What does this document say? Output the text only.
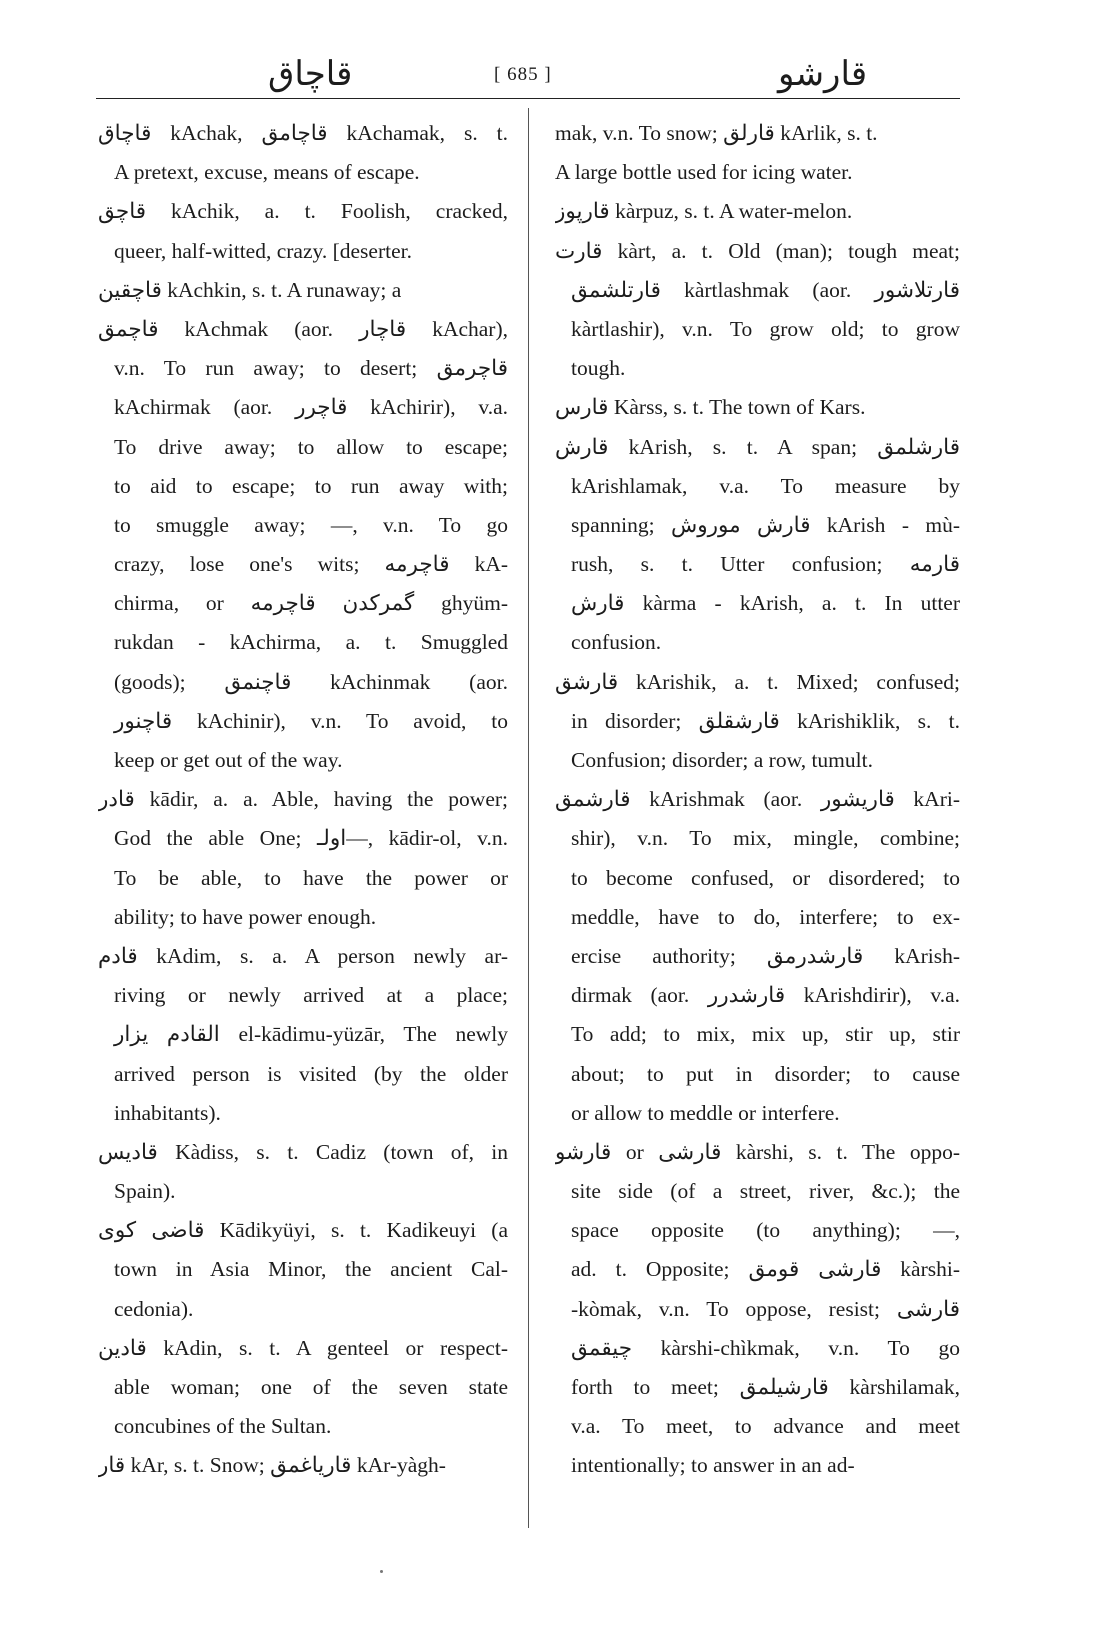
قاچاق	[ 685 ]	قارشو
قاچاق kAchak, قاچامق kAchamak, s. t.
A pretext, excuse, means of escape.
قاچق kAchik, a. t. Foolish, cracked,
queer, half-witted, crazy. [deserter.
قاچقین kAchkin, s. t. A runaway; a
قاچمق kAchmak (aor. قاچار kAchar),
v.n. To run away; to desert; قاچرمق
kAchirmak (aor. قاچرر kAchirir), v.a.
To drive away; to allow to escape;
to aid to escape; to run away with;
to smuggle away; —, v.n. To go
crazy, lose one's wits; قاچرمه kA-
chirma, or گمركدن قاچرمه ghyüm-
rukdan - kAchirma, a. t. Smuggled
(goods); قاچنمق kAchinmak (aor.
قاچنور kAchinir), v.n. To avoid, to
keep or get out of the way.
قادر kādir, a. a. Able, having the power;
God the able One; اولـ—, kādir-ol, v.n.
To be able, to have the power or
ability; to have power enough.
قادم kAdim, s. a. A person newly ar-
riving or newly arrived at a place;
القادم يزار el-kādimu-yüzār, The newly
arrived person is visited (by the older
inhabitants).
قادیس Kàdiss, s. t. Cadiz (town of, in
Spain).
قاضی كوی Kādikyüyi, s. t. Kadikeuyi (a
town in Asia Minor, the ancient Cal-
cedonia).
قادین kAdin, s. t. A genteel or respect-
able woman; one of the seven state
concubines of the Sultan.
قار kAr, s. t. Snow; قارياغمق kAr-yàgh-
mak, v.n. To snow; قارلق kArlik, s. t.
A large bottle used for icing water.
قارپوز kàrpuz, s. t. A water-melon.
قارت kàrt, a. t. Old (man); tough meat;
قارتلشمق kàrtlashmak (aor. قارتلاشور
kàrtlashir), v.n. To grow old; to grow
tough.
قارس Kàrss, s. t. The town of Kars.
قارش kArish, s. t. A span; قارشلمق
kArishlamak, v.a. To measure by
spanning; قارش موروش kArish - mù-
rush, s. t. Utter confusion; قارمه
قارش kàrma - kArish, a. t. In utter
confusion.
قارشق kArishik, a. t. Mixed; confused;
in disorder; قارشقلق kArishiklik, s. t.
Confusion; disorder; a row, tumult.
قارشمق kArishmak (aor. قاريشور kAri-
shir), v.n. To mix, mingle, combine;
to become confused, or disordered; to
meddle, have to do, interfere; to ex-
ercise authority; قارشدرمق kArish-
dirmak (aor. قارشدرر kArishdirir), v.a.
To add; to mix, mix up, stir up, stir
about; to put in disorder; to cause
or allow to meddle or interfere.
قارشو or قارشی kàrshi, s. t. The oppo-
site side (of a street, river, &c.); the
space opposite (to anything); —,
ad. t. Opposite; قارشی قومق kàrshi-
-kòmak, v.n. To oppose, resist; قارشی
چیقمق kàrshi-chìkmak, v.n. To go
forth to meet; قارشیلمق kàrshilamak,
v.a. To meet, to advance and meet
intentionally; to answer in an ad-
